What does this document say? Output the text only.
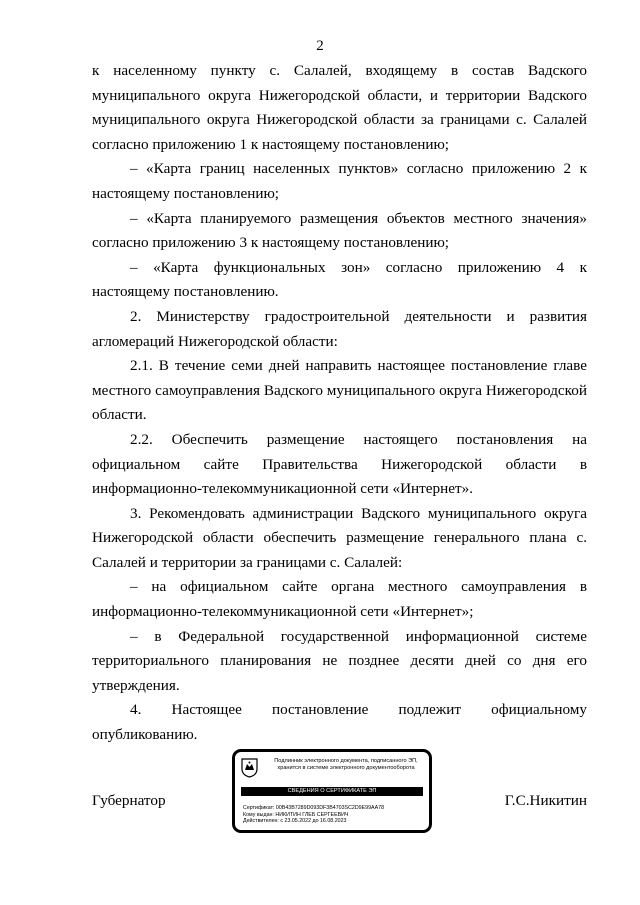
2

к населенному пункту с. Салалей, входящему в состав Вадского муниципального округа Нижегородской области, и территории Вадского муниципального округа Нижегородской области за границами с. Салалей согласно приложению 1 к настоящему постановлению;

– «Карта границ населенных пунктов» согласно приложению 2 к настоящему постановлению;

– «Карта планируемого размещения объектов местного значения» согласно приложению 3 к настоящему постановлению;

– «Карта функциональных зон» согласно приложению 4 к настоящему постановлению.

2. Министерству градостроительной деятельности и развития агломераций Нижегородской области:

2.1. В течение семи дней направить настоящее постановление главе местного самоуправления Вадского муниципального округа Нижегородской области.

2.2. Обеспечить размещение настоящего постановления на официальном сайте Правительства Нижегородской области в информационно-телекоммуникационной сети «Интернет».

3. Рекомендовать администрации Вадского муниципального округа Нижегородской области обеспечить размещение генерального плана с. Салалей и территории за границами с. Салалей:

– на официальном сайте органа местного самоуправления в информационно-телекоммуникационной сети «Интернет»;

– в Федеральной государственной информационной системе территориального планирования не позднее десяти дней со дня его утверждения.

4. Настоящее постановление подлежит официальному опубликованию.

Губернатор	Г.С.Никитин
Подлинник электронного документа, подписанного ЭП,
хранится в системе электронного документооборота
СВЕДЕНИЯ О СЕРТИФИКАТЕ ЭП
Сертификат: 00B43B7289D093DF3B4703SC2D9E99AA78
Кому выдан: НИКИТИН ГЛЕБ СЕРГЕЕВИЧ
Действителен: с 23.05.2022 до 16.08.2023
